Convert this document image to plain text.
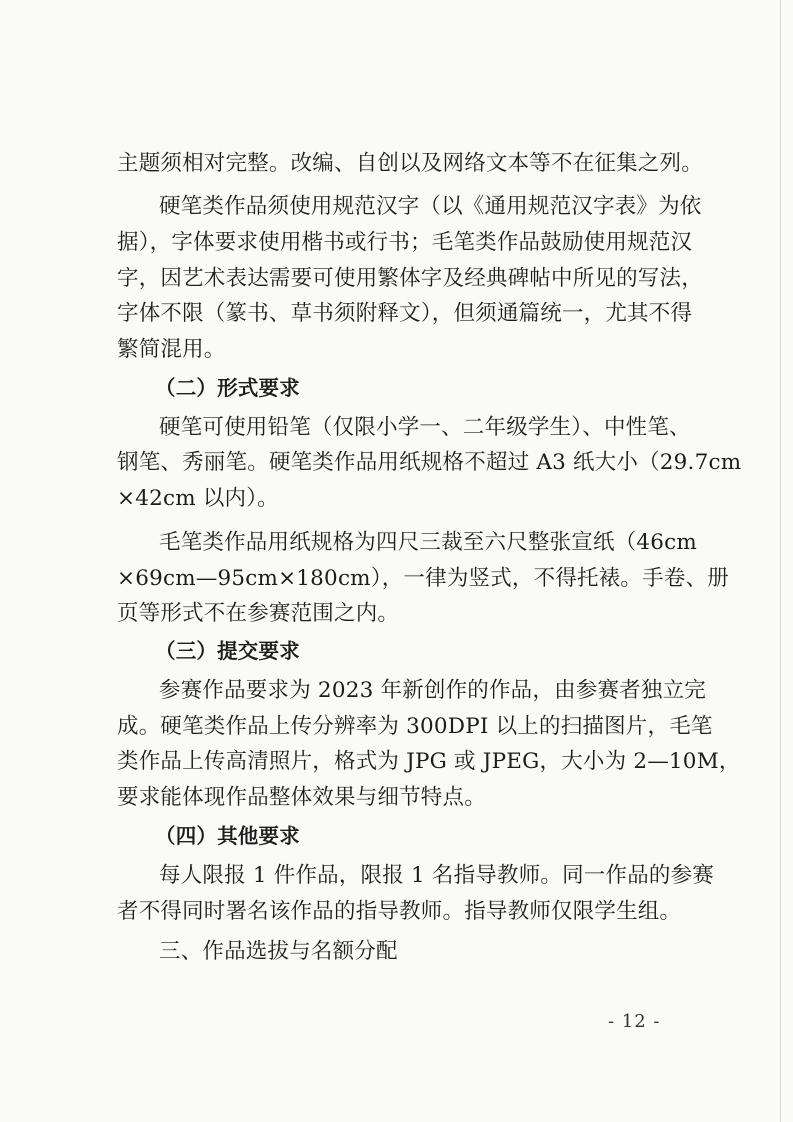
主题须相对完整。改编、自创以及网络文本等不在征集之列。
硬笔类作品须使用规范汉字（以《通用规范汉字表》为依
据），字体要求使用楷书或行书；毛笔类作品鼓励使用规范汉
字，因艺术表达需要可使用繁体字及经典碑帖中所见的写法，
字体不限（篆书、草书须附释文），但须通篇统一，尤其不得
繁简混用。
（二）形式要求
硬笔可使用铅笔（仅限小学一、二年级学生）、中性笔、
钢笔、秀丽笔。硬笔类作品用纸规格不超过 A3 纸大小（29.7cm
×42cm 以内）。
毛笔类作品用纸规格为四尺三裁至六尺整张宣纸（46cm
×69cm—95cm×180cm），一律为竖式，不得托裱。手卷、册
页等形式不在参赛范围之内。
（三）提交要求
参赛作品要求为 2023 年新创作的作品，由参赛者独立完
成。硬笔类作品上传分辨率为 300DPI 以上的扫描图片，毛笔
类作品上传高清照片，格式为 JPG 或 JPEG，大小为 2—10M，
要求能体现作品整体效果与细节特点。
（四）其他要求
每人限报 1 件作品，限报 1 名指导教师。同一作品的参赛
者不得同时署名该作品的指导教师。指导教师仅限学生组。
三、作品选拔与名额分配
- 12 -
